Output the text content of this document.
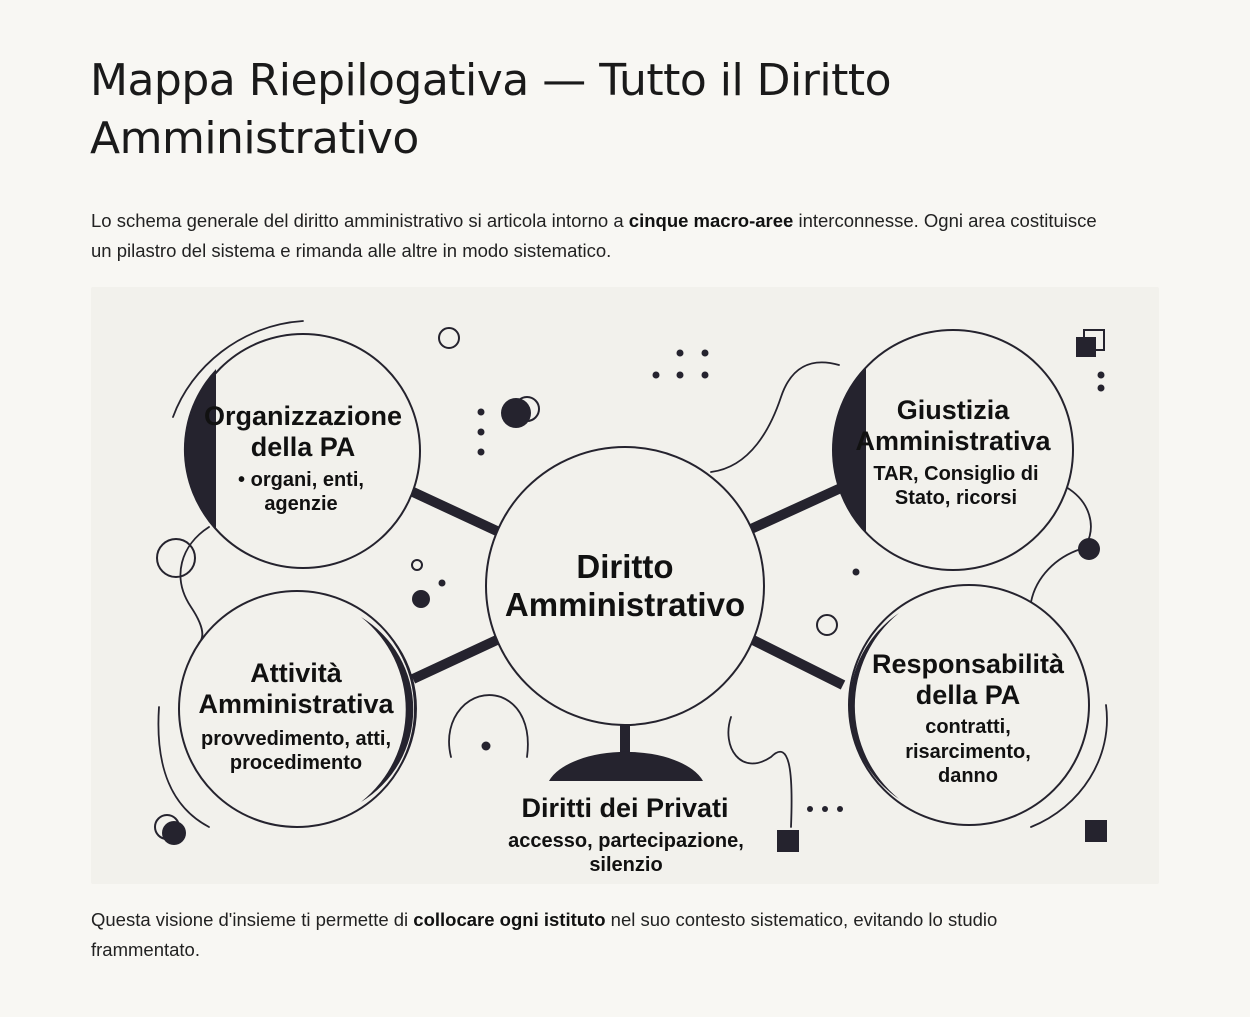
Mappa Riepilogativa — Tutto il Diritto Amministrativo

Lo schema generale del diritto amministrativo si articola intorno a cinque macro-aree interconnesse. Ogni area costituisce un pilastro del sistema e rimanda alle altre in modo sistematico.

Diritto
Amministrativo
Organizzazione
della PA
• organi, enti,
agenzie
Giustizia
Amministrativa
TAR, Consiglio di
Stato, ricorsi
Attività
Amministrativa
provvedimento, atti,
procedimento
Responsabilità
della PA
contratti,
risarcimento,
danno
Diritti dei Privati
accesso, partecipazione,
silenzio

Questa visione d'insieme ti permette di collocare ogni istituto nel suo contesto sistematico, evitando lo studio frammentato.
